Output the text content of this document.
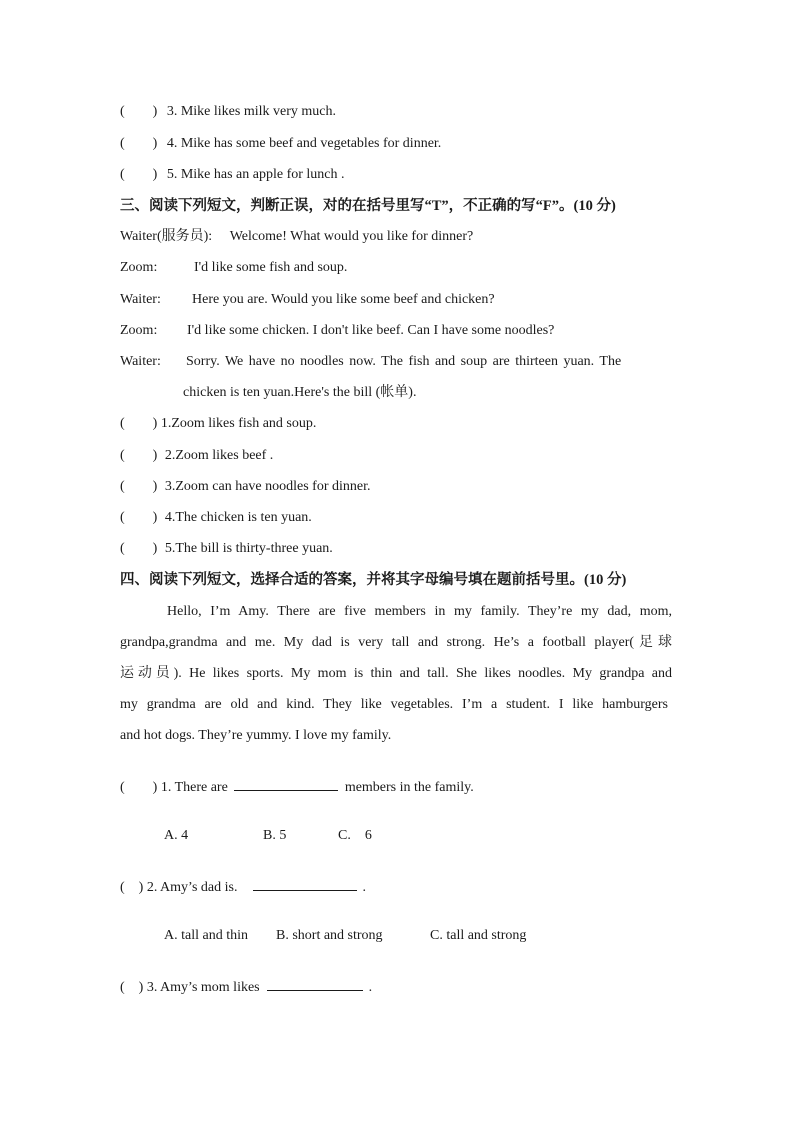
(　　) 3. Mike likes milk very much.
(　　) 4. Mike has some beef and vegetables for dinner.
(　　) 5. Mike has an apple for lunch .
三、阅读下列短文，判断正误，对的在括号里写“T”，不正确的写“F”。(10 分)
Waiter(服务员): Welcome! What would you like for dinner?
Zoom:	I'd like some fish and soup.
Waiter: Here you are. Would you like some beef and chicken?
Zoom: I'd like some chicken. I don't like beef. Can I have some noodles?
Waiter: Sorry. We have no noodles now. The fish and soup are thirteen yuan. The
chicken is ten yuan.Here's the bill (帐单).
(　　) 1.Zoom likes fish and soup.
(　　) 2.Zoom likes beef .
(　　) 3.Zoom can have noodles for dinner.
(　　) 4.The chicken is ten yuan.
(　　) 5.The bill is thirty-three yuan.
四、阅读下列短文，选择合适的答案，并将其字母编号填在题前括号里。(10 分)
Hello, I’m Amy. There are five members in my family. They’re my dad, mom,
grandpa,grandma and me. My dad is very tall and strong. He’s a football player(足球
运动员). He likes sports. My mom is thin and tall. She likes noodles. My grandpa and
my grandma are old and kind. They like vegetables. I’m a student. I like hamburgers
and hot dogs. They’re yummy. I love my family.
(　　) 1. There are	members in the family.
A. 4	B. 5	C.　6
(　) 2. Amy’s dad is.	.
A. tall and thin B. short and strong	C. tall and strong
(　) 3. Amy’s mom likes	.
